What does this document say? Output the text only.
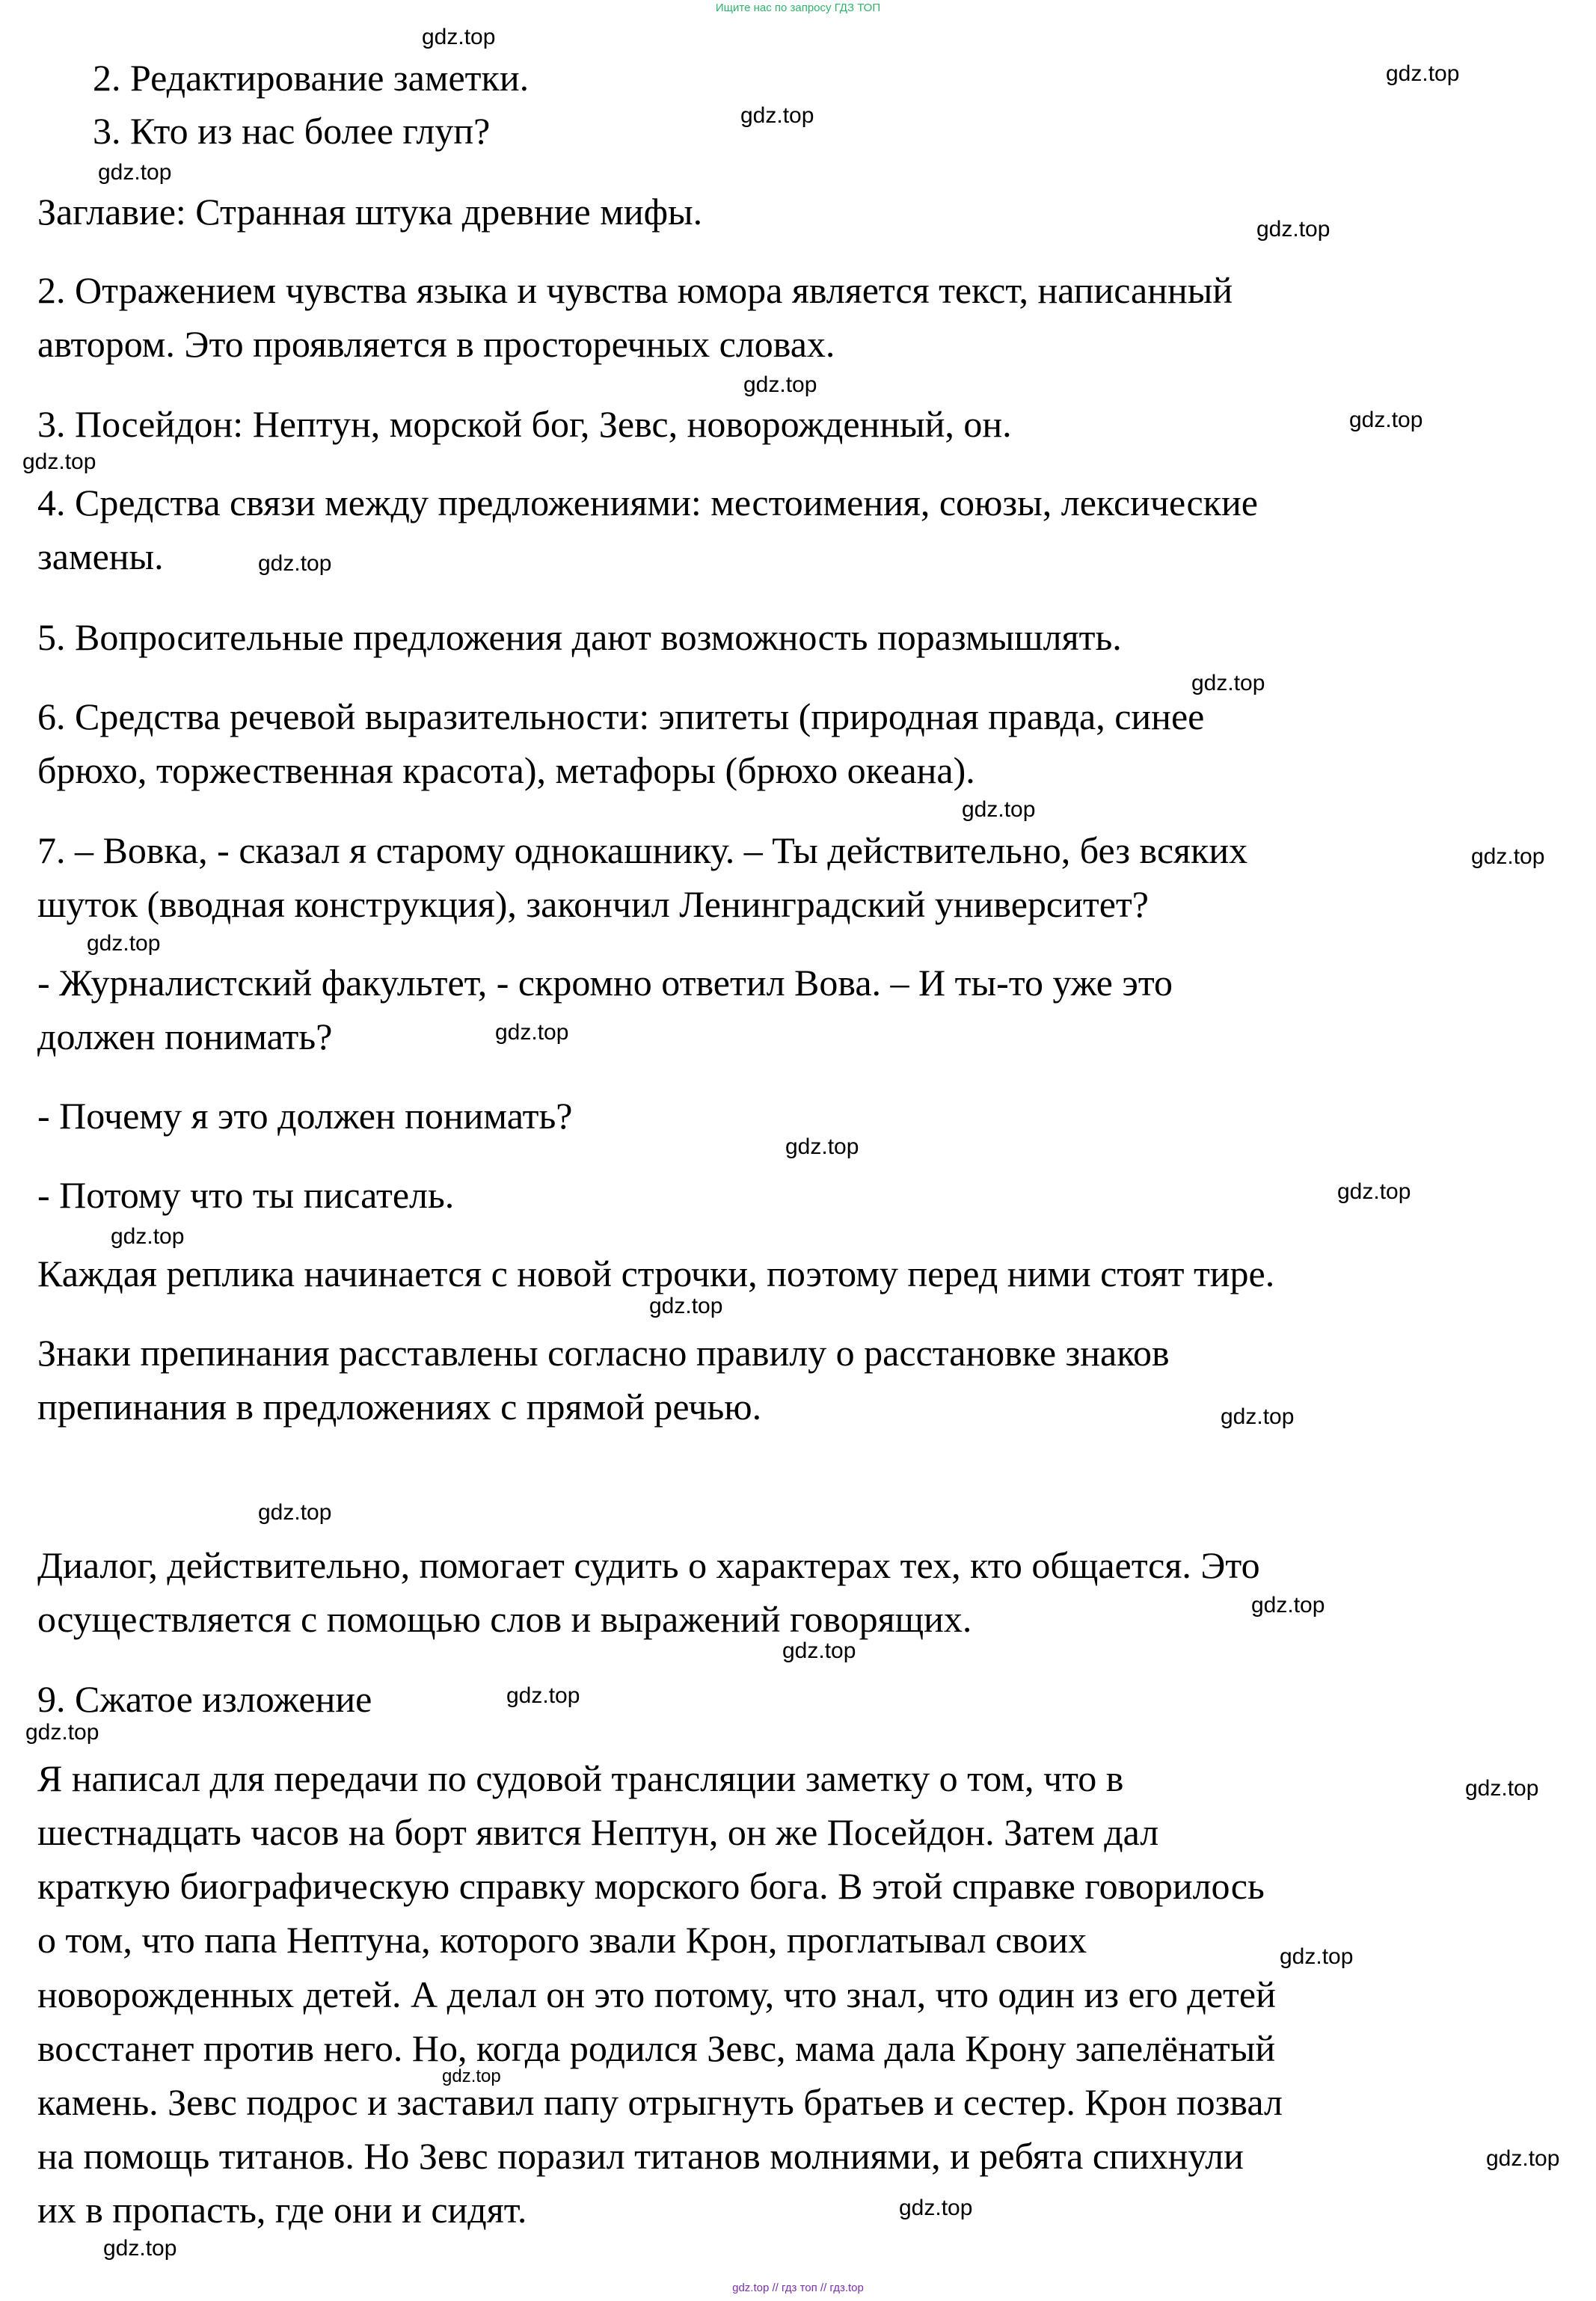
Ищите нас по запросу ГДЗ ТОП
2. Редактирование заметки.
3. Кто из нас более глуп?
Заглавие: Странная штука древние мифы.
2. Отражением чувства языка и чувства юмора является текст, написанный
автором. Это проявляется в просторечных словах.
3. Посейдон: Нептун, морской бог, Зевс, новорожденный, он.
4. Средства связи между предложениями: местоимения, союзы, лексические
замены.
5. Вопросительные предложения дают возможность поразмышлять.
6. Средства речевой выразительности: эпитеты (природная правда, синее
брюхо, торжественная красота), метафоры (брюхо океана).
7. – Вовка, - сказал я старому однокашнику. – Ты действительно, без всяких
шуток (вводная конструкция), закончил Ленинградский университет?
- Журналистский факультет, - скромно ответил Вова. – И ты-то уже это
должен понимать?
- Почему я это должен понимать?
- Потому что ты писатель.
Каждая реплика начинается с новой строчки, поэтому перед ними стоят тире.
Знаки препинания расставлены согласно правилу о расстановке знаков
препинания в предложениях с прямой речью.
Диалог, действительно, помогает судить о характерах тех, кто общается. Это
осуществляется с помощью слов и выражений говорящих.
9. Сжатое изложение
Я написал для передачи по судовой трансляции заметку о том, что в
шестнадцать часов на борт явится Нептун, он же Посейдон. Затем дал
краткую биографическую справку морского бога. В этой справке говорилось
о том, что папа Нептуна, которого звали Крон, проглатывал своих
новорожденных детей. А делал он это потому, что знал, что один из его детей
восстанет против него. Но, когда родился Зевс, мама дала Крону запелёнатый
камень. Зевс подрос и заставил папу отрыгнуть братьев и сестер. Крон позвал
на помощь титанов. Но Зевс поразил титанов молниями, и ребята спихнули
их в пропасть, где они и сидят.
gdz.top
gdz.top
gdz.top
gdz.top
gdz.top
gdz.top
gdz.top
gdz.top
gdz.top
gdz.top
gdz.top
gdz.top
gdz.top
gdz.top
gdz.top
gdz.top
gdz.top
gdz.top
gdz.top
gdz.top
gdz.top
gdz.top
gdz.top
gdz.top
gdz.top
gdz.top
gdz.top
gdz.top
gdz.top
gdz.top
gdz.top // гдз топ // гдз.top
